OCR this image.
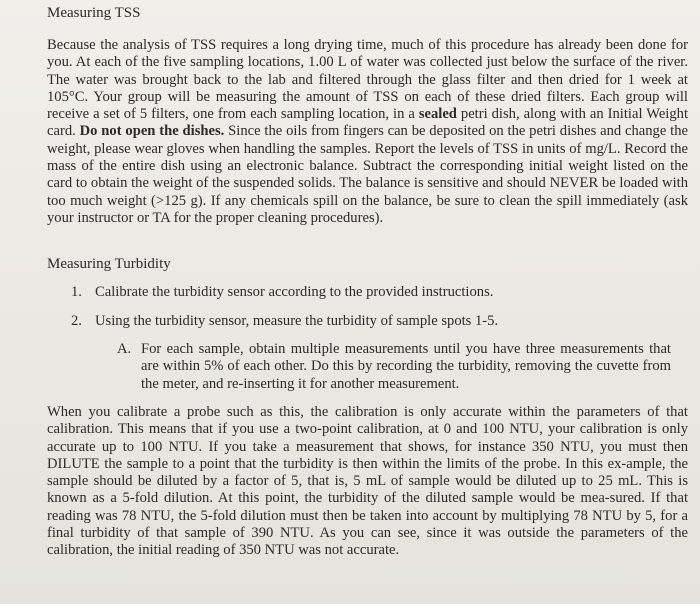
Measuring TSS
Because the analysis of TSS requires a long drying time, much of this procedure has already been done for you. At each of the five sampling locations, 1.00 L of water was collected just below the surface of the river. The water was brought back to the lab and filtered through the glass filter and then dried for 1 week at 105°C. Your group will be measuring the amount of TSS on each of these dried filters. Each group will receive a set of 5 filters, one from each sampling location, in a sealed petri dish, along with an Initial Weight card. Do not open the dishes. Since the oils from fingers can be deposited on the petri dishes and change the weight, please wear gloves when handling the samples. Report the levels of TSS in units of mg/L. Record the mass of the entire dish using an electronic balance. Subtract the corresponding initial weight listed on the card to obtain the weight of the suspended solids. The balance is sensitive and should NEVER be loaded with too much weight (>125 g). If any chemicals spill on the balance, be sure to clean the spill immediately (ask your instructor or TA for the proper cleaning procedures).
Measuring Turbidity
1. Calibrate the turbidity sensor according to the provided instructions.
2. Using the turbidity sensor, measure the turbidity of sample spots 1-5.
A. For each sample, obtain multiple measurements until you have three measurements that are within 5% of each other. Do this by recording the turbidity, removing the cuvette from the meter, and re-inserting it for another measurement.
When you calibrate a probe such as this, the calibration is only accurate within the parameters of that calibration. This means that if you use a two-point calibration, at 0 and 100 NTU, your calibration is only accurate up to 100 NTU. If you take a measurement that shows, for instance 350 NTU, you must then DILUTE the sample to a point that the turbidity is then within the limits of the probe. In this ex-ample, the sample should be diluted by a factor of 5, that is, 5 mL of sample would be diluted up to 25 mL. This is known as a 5-fold dilution. At this point, the turbidity of the diluted sample would be mea-sured. If that reading was 78 NTU, the 5-fold dilution must then be taken into account by multiplying 78 NTU by 5, for a final turbidity of that sample of 390 NTU. As you can see, since it was outside the parameters of the calibration, the initial reading of 350 NTU was not accurate.
